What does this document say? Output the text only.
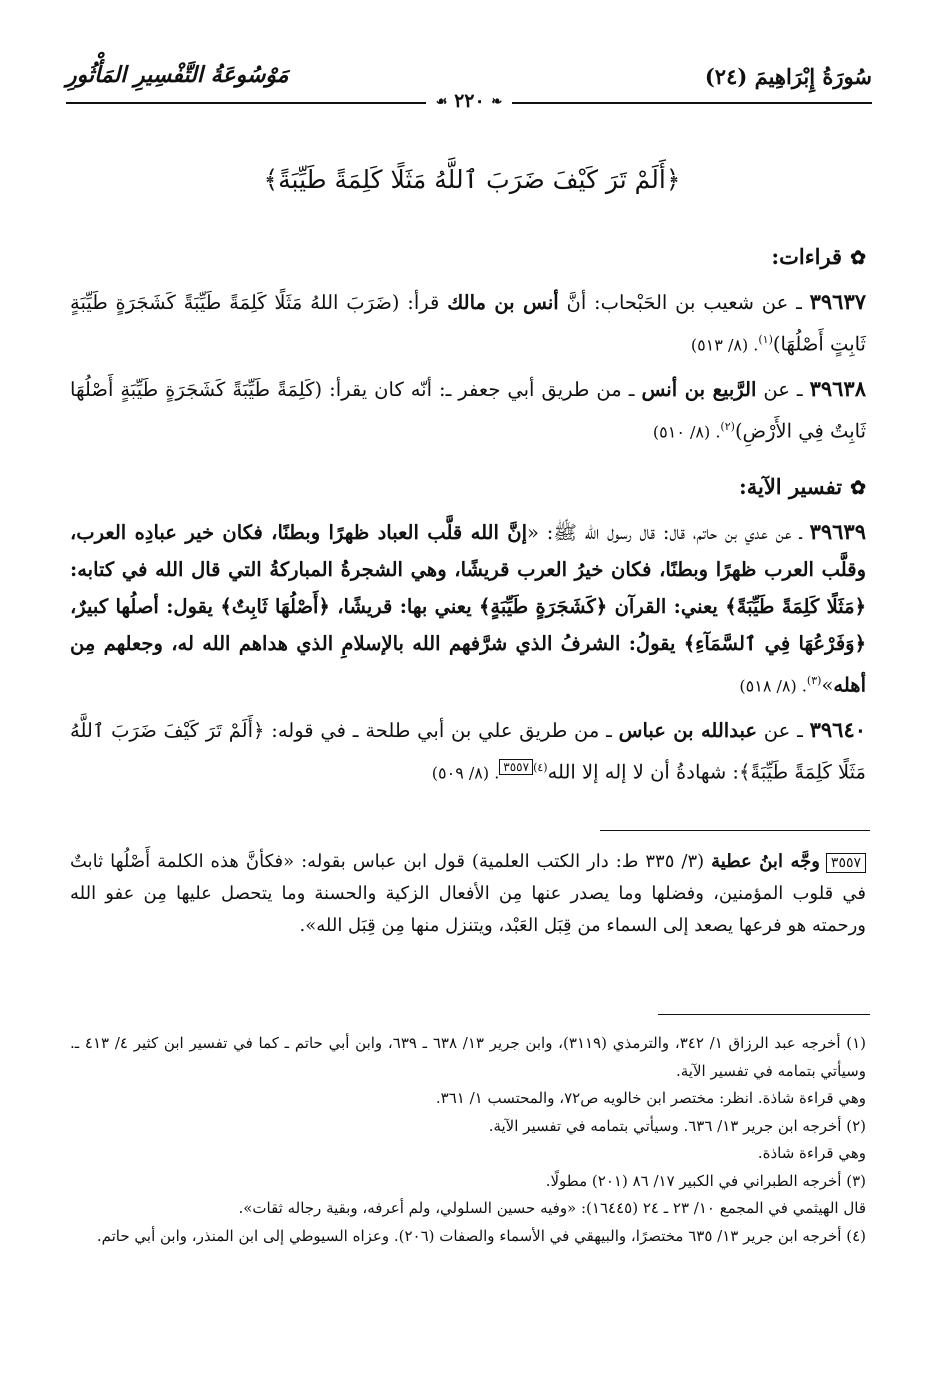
سُورَةُ إِبْرَاهِيمَ (٢٤)
مَوْسُوعَةُ التَّفْسِيرِ المَأْثُورِ
❧ ٢٢٠ ☙
﴿أَلَمْ تَرَ كَيْفَ ضَرَبَ ٱللَّهُ مَثَلًا كَلِمَةً طَيِّبَةً﴾

✿قراءات:

٣٩٦٣٧ ـ عن شعيب بن الحَبْحاب: أنَّ أنس بن مالك قرأ: (ضَرَبَ اللهُ مَثَلًا كَلِمَةً طَيِّبَةً كَشَجَرَةٍ طَيِّبَةٍ ثَابِتٍ أَصْلُهَا)$^{(١)}$. (٨/ ٥١٣)

٣٩٦٣٨ ـ عن الرَّبيع بن أنس ـ من طريق أبي جعفر ـ: أنّه كان يقرأ: (كَلِمَةً طَيِّبَةً كَشَجَرَةٍ طَيِّبَةٍ أَصْلُهَا ثَابِتٌ فِي الأَرْضِ)$^{(٢)}$. (٨/ ٥١٠)

✿تفسير الآية:

٣٩٦٣٩ ـ عن عدي بن حاتم، قال: قال رسول الله ﷺ: «إنَّ الله قلَّب العباد ظهرًا وبطنًا، فكان خير عبادِه العرب، وقلَّب العرب ظهرًا وبطنًا، فكان خيرُ العرب قريشًا، وهي الشجرةُ المباركةُ التي قال الله في كتابه: ﴿مَثَلًا كَلِمَةً طَيِّبَةً﴾ يعني: القرآن ﴿كَشَجَرَةٍ طَيِّبَةٍ﴾ يعني بها: قريشًا، ﴿أَصْلُهَا ثَابِتٌ﴾ يقول: أصلُها كبيرٌ، ﴿وَفَرْعُهَا فِي ٱلسَّمَآءِ﴾ يقولُ: الشرفُ الذي شرَّفهم الله بالإسلامِ الذي هداهم الله له، وجعلهم مِن أهله»$^{(٣)}$. (٨/ ٥١٨)

٣٩٦٤٠ ـ عن عبدالله بن عباس ـ من طريق علي بن أبي طلحة ـ في قوله: ﴿أَلَمْ تَرَ كَيْفَ ضَرَبَ ٱللَّهُ مَثَلًا كَلِمَةً طَيِّبَةً﴾: شهادةُ أن لا إله إلا الله$^{(٤)}$٣٥٥٧. (٨/ ٥٠٩)

٣٥٥٧وجَّه ابنُ عطية (٣/ ٣٣٥ ط: دار الكتب العلمية) قول ابن عباس بقوله: «فكأنَّ هذه الكلمة أَصْلُها ثابتٌ في قلوب المؤمنين، وفضلها وما يصدر عنها مِن الأفعال الزكية والحسنة وما يتحصل عليها مِن عفو الله ورحمته هو فرعها يصعد إلى السماء من قِبَل العَبْد، ويتنزل منها مِن قِبَل الله».

(١) أخرجه عبد الرزاق ١/ ٣٤٢، والترمذي (٣١١٩)، وابن جرير ١٣/ ٦٣٨ ـ ٦٣٩، وابن أبي حاتم ـ كما في تفسير ابن كثير ٤/ ٤١٣ ـ. وسيأتي بتمامه في تفسير الآية.

وهي قراءة شاذة. انظر: مختصر ابن خالويه ص٧٢، والمحتسب ١/ ٣٦١.

(٢) أخرجه ابن جرير ١٣/ ٦٣٦. وسيأتي بتمامه في تفسير الآية.

وهي قراءة شاذة.

(٣) أخرجه الطبراني في الكبير ١٧/ ٨٦ (٢٠١) مطولًا.

قال الهيثمي في المجمع ١٠/ ٢٣ ـ ٢٤ (١٦٤٤٥): «وفيه حسين السلولي، ولم أعرفه، وبقية رجاله ثقات».

(٤) أخرجه ابن جرير ١٣/ ٦٣٥ مختصرًا، والبيهقي في الأسماء والصفات (٢٠٦). وعزاه السيوطي إلى ابن المنذر، وابن أبي حاتم.
